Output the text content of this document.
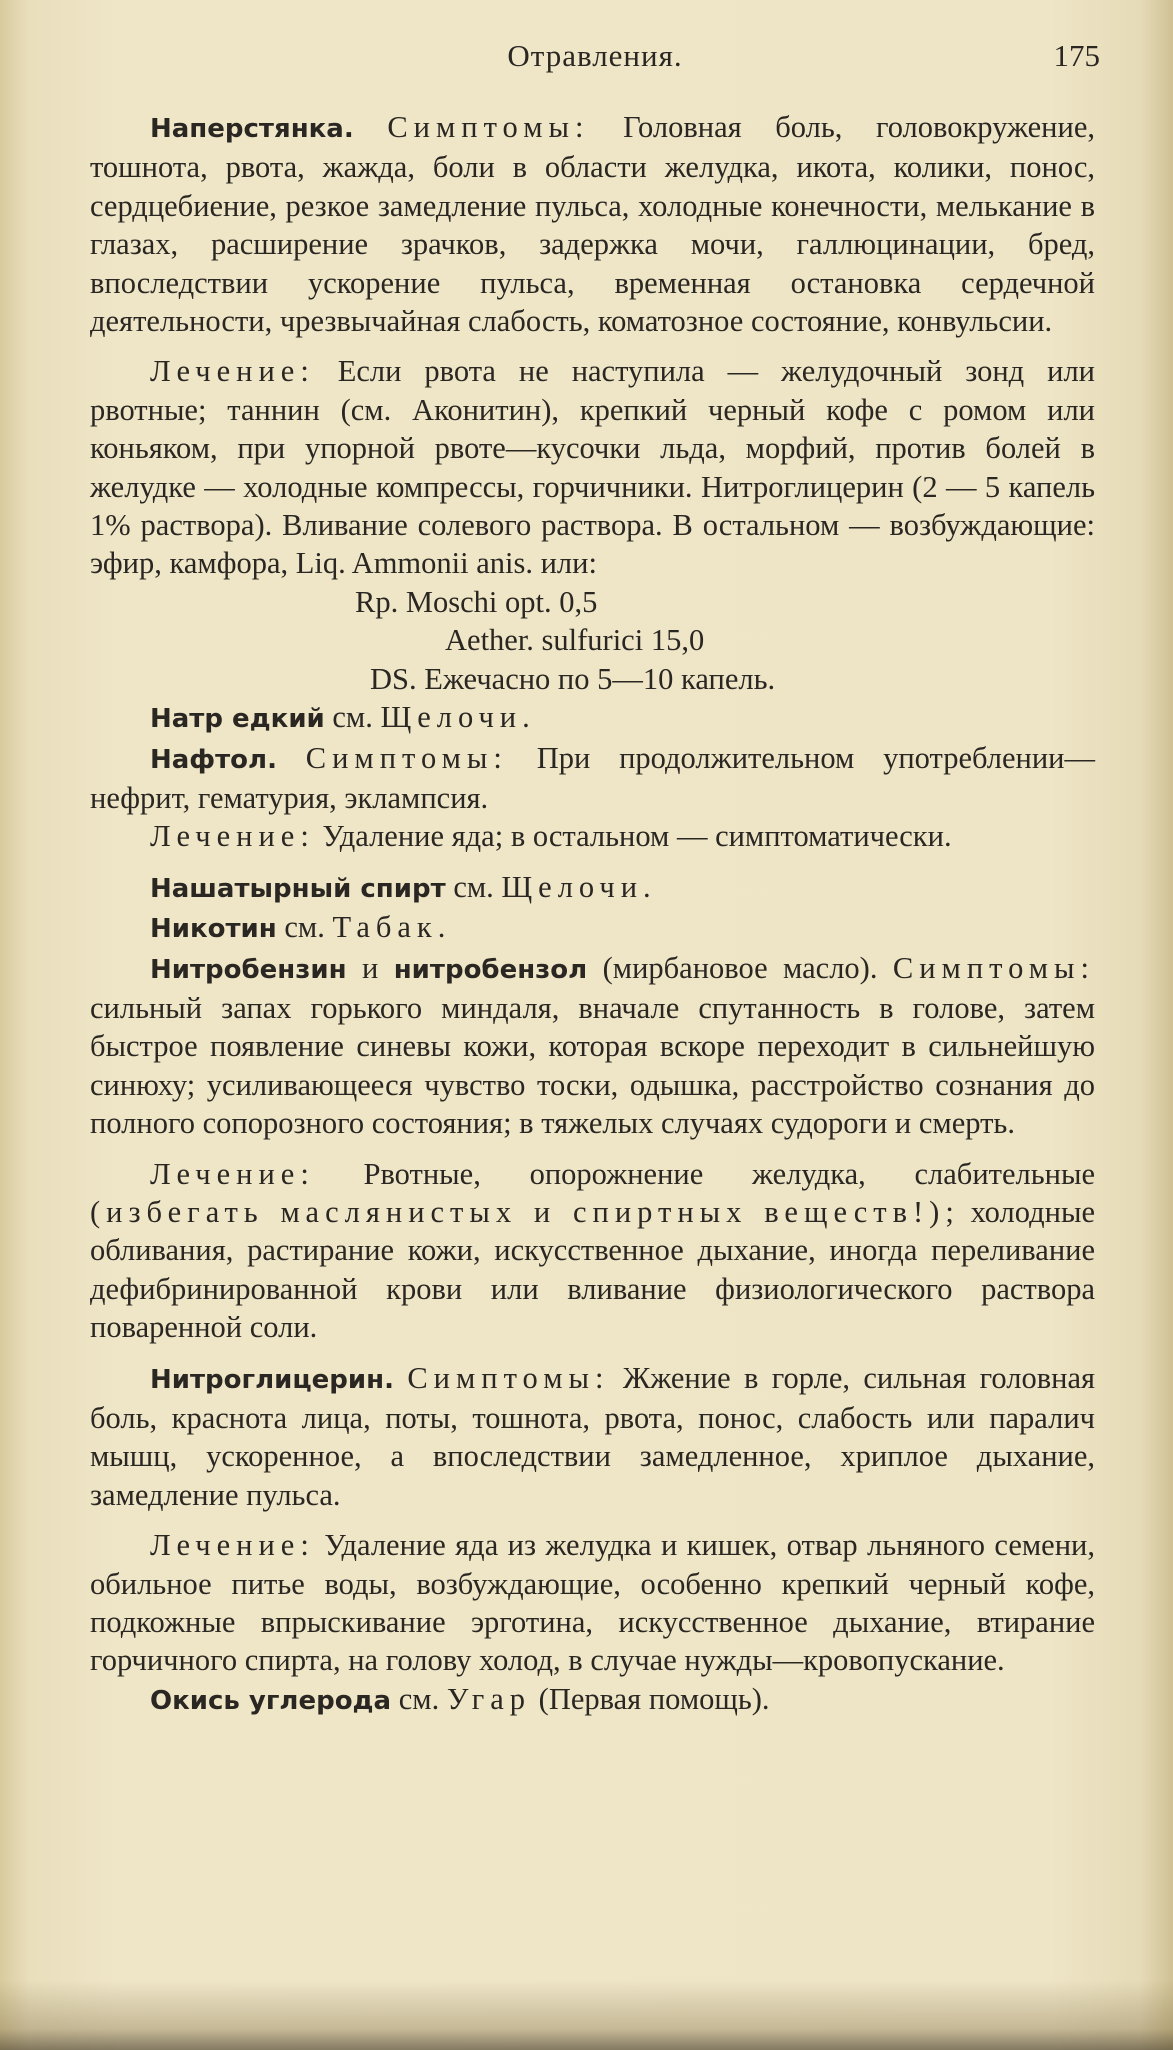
Отравления.	175

Наперстянка. Симптомы: Головная боль, головокружение, тошнота, рвота, жажда, боли в области желудка, икота, колики, понос, сердцебиение, резкое замедление пульса, холодные конечности, мелькание в глазах, расширение зрачков, задержка мочи, галлюцинации, бред, впоследствии ускорение пульса, временная остановка сердечной деятельности, чрезвычайная слабость, коматозное состояние, конвульсии.

Лечение: Если рвота не наступила — желудочный зонд или рвотные; таннин (см. Аконитин), крепкий черный кофе с ромом или коньяком, при упорной рвоте—кусочки льда, морфий, против болей в желудке — холодные компрессы, горчичники. Нитроглицерин (2 — 5 капель 1% раствора). Вливание солевого раствора. В остальном — возбуждающие: эфир, камфора, Liq. Ammonii anis. или:

Rp. Moschi opt. 0,5
Aether. sulfurici 15,0
DS. Ежечасно по 5—10 капель.

Натр едкий см. Щелочи.

Нафтол. Симптомы: При продолжительном употреблении—нефрит, гематурия, эклампсия.

Лечение: Удаление яда; в остальном — симптоматически.

Нашатырный спирт см. Щелочи.

Никотин см. Табак.

Нитробензин и нитробензол (мирбановое масло). Симптомы: сильный запах горького миндаля, вначале спутанность в голове, затем быстрое появление синевы кожи, которая вскоре переходит в сильнейшую синюху; усиливающееся чувство тоски, одышка, расстройство сознания до полного сопорозного состояния; в тяжелых случаях судороги и смерть.

Лечение: Рвотные, опорожнение желудка, слабительные (избегать маслянистых и спиртных веществ!); холодные обливания, растирание кожи, искусственное дыхание, иногда переливание дефибринированной крови или вливание физиологического раствора поваренной соли.

Нитроглицерин. Симптомы: Жжение в горле, сильная головная боль, краснота лица, поты, тошнота, рвота, понос, слабость или паралич мышц, ускоренное, а впоследствии замедленное, хриплое дыхание, замедление пульса.

Лечение: Удаление яда из желудка и кишек, отвар льняного семени, обильное питье воды, возбуждающие, особенно крепкий черный кофе, подкожные впрыскивание эрготина, искусственное дыхание, втирание горчичного спирта, на голову холод, в случае нужды—кровопускание.

Окись углерода см. Угар (Первая помощь).
